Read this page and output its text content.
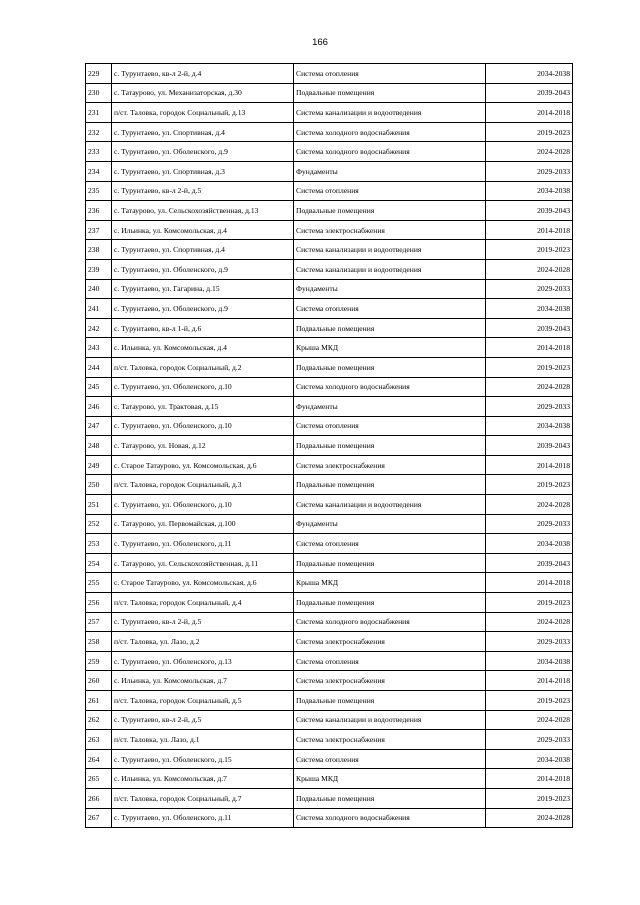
166
229	с. Турунтаево, кв-л 2-й, д.4	Система отопления	2034-2038
230	с. Татаурово, ул. Механизаторская, д.30	Подвальные помещения	2039-2043
231	п/ст. Таловка, городок Социальный, д.13	Система канализации и водоотведения	2014-2018
232	с. Турунтаево, ул. Спортивная, д.4	Система холодного водоснабжения	2019-2023
233	с. Турунтаево, ул. Оболенского, д.9	Система холодного водоснабжения	2024-2028
234	с. Турунтаево, ул. Спортивная, д.3	Фундаменты	2029-2033
235	с. Турунтаево, кв-л 2-й, д.5	Система отопления	2034-2038
236	с. Татаурово, ул. Сельскохозяйственная, д.13	Подвальные помещения	2039-2043
237	с. Ильинка, ул. Комсомольская, д.4	Система электроснабжения	2014-2018
238	с. Турунтаево, ул. Спортивная, д.4	Система канализации и водоотведения	2019-2023
239	с. Турунтаево, ул. Оболенского, д.9	Система канализации и водоотведения	2024-2028
240	с. Турунтаево, ул. Гагарина, д.15	Фундаменты	2029-2033
241	с. Турунтаево, ул. Оболенского, д.9	Система отопления	2034-2038
242	с. Турунтаево, кв-л 1-й, д.6	Подвальные помещения	2039-2043
243	с. Ильинка, ул. Комсомольская, д.4	Крыша МКД	2014-2018
244	п/ст. Таловка, городок Социальный, д.2	Подвальные помещения	2019-2023
245	с. Турунтаево, ул. Оболенского, д.10	Система холодного водоснабжения	2024-2028
246	с. Татаурово, ул. Трактовая, д.15	Фундаменты	2029-2033
247	с. Турунтаево, ул. Оболенского, д.10	Система отопления	2034-2038
248	с. Татаурово, ул. Новая, д.12	Подвальные помещения	2039-2043
249	с. Старое Татаурово, ул. Комсомольская, д.6	Система электроснабжения	2014-2018
250	п/ст. Таловка, городок Социальный, д.3	Подвальные помещения	2019-2023
251	с. Турунтаево, ул. Оболенского, д.10	Система канализации и водоотведения	2024-2028
252	с. Татаурово, ул. Первомайская, д.100	Фундаменты	2029-2033
253	с. Турунтаево, ул. Оболенского, д.11	Система отопления	2034-2038
254	с. Татаурово, ул. Сельскохозяйственная, д.11	Подвальные помещения	2039-2043
255	с. Старое Татаурово, ул. Комсомольская, д.6	Крыша МКД	2014-2018
256	п/ст. Таловка, городок Социальный, д.4	Подвальные помещения	2019-2023
257	с. Турунтаево, кв-л 2-й, д.5	Система холодного водоснабжения	2024-2028
258	п/ст. Таловка, ул. Лазо, д.2	Система электроснабжения	2029-2033
259	с. Турунтаево, ул. Оболенского, д.13	Система отопления	2034-2038
260	с. Ильинка, ул. Комсомольская, д.7	Система электроснабжения	2014-2018
261	п/ст. Таловка, городок Социальный, д.5	Подвальные помещения	2019-2023
262	с. Турунтаево, кв-л 2-й, д.5	Система канализации и водоотведения	2024-2028
263	п/ст. Таловка, ул. Лазо, д.1	Система электроснабжения	2029-2033
264	с. Турунтаево, ул. Оболенского, д.15	Система отопления	2034-2038
265	с. Ильинка, ул. Комсомольская, д.7	Крыша МКД	2014-2018
266	п/ст. Таловка, городок Социальный, д.7	Подвальные помещения	2019-2023
267	с. Турунтаево, ул. Оболенского, д.11	Система холодного водоснабжения	2024-2028
